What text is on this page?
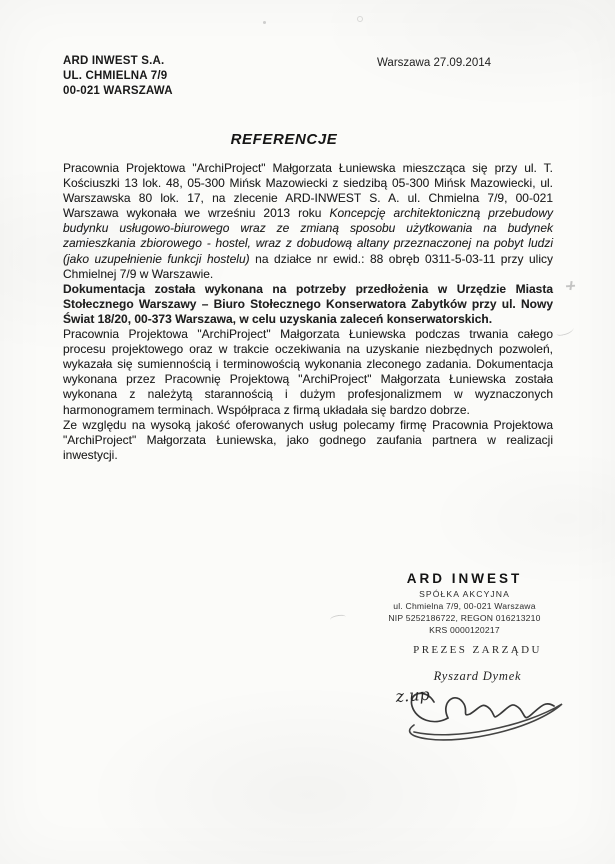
ARD INWEST S.A.
UL. CHMIELNA 7/9
00-021 WARSZAWA
Warszawa 27.09.2014
REFERENCJE

Pracownia Projektowa "ArchiProject" Małgorzata Łuniewska mieszcząca się przy ul. T. Kościuszki 13 lok. 48, 05-300 Mińsk Mazowiecki z siedzibą 05-300 Mińsk Mazowiecki, ul. Warszawska 80 lok. 17, na zlecenie ARD-INWEST S. A. ul. Chmielna 7/9, 00-021 Warszawa wykonała we wrześniu 2013 roku Koncepcję architektoniczną przebudowy budynku usługowo-biurowego wraz ze zmianą sposobu użytkowania na budynek zamieszkania zbiorowego - hostel, wraz z dobudową altany przeznaczonej na pobyt ludzi (jako uzupełnienie funkcji hostelu) na działce nr ewid.: 88 obręb 0311-5-03-11 przy ulicy Chmielnej 7/9 w Warszawie.

Dokumentacja została wykonana na potrzeby przedłożenia w Urzędzie Miasta Stołecznego Warszawy – Biuro Stołecznego Konserwatora Zabytków przy ul. Nowy Świat 18/20, 00-373 Warszawa, w celu uzyskania zaleceń konserwatorskich.

Pracownia Projektowa "ArchiProject" Małgorzata Łuniewska podczas trwania całego procesu projektowego oraz w trakcie oczekiwania na uzyskanie niezbędnych pozwoleń, wykazała się sumiennością i terminowością wykonania zleconego zadania. Dokumentacja wykonana przez Pracownię Projektową "ArchiProject" Małgorzata Łuniewska została wykonana z należytą starannością i dużym profesjonalizmem w wyznaczonych harmonogramem terminach. Współpraca z firmą układała się bardzo dobrze.

Ze względu na wysoką jakość oferowanych usług polecamy firmę Pracownia Projektowa "ArchiProject" Małgorzata Łuniewska, jako godnego zaufania partnera w realizacji inwestycji.

ARD INWEST
SPÓŁKA AKCYJNA
ul. Chmielna 7/9, 00-021 Warszawa
NIP 5252186722, REGON 016213210
KRS 0000120217
PREZES ZARZĄDU
Ryszard Dymek
z.up
